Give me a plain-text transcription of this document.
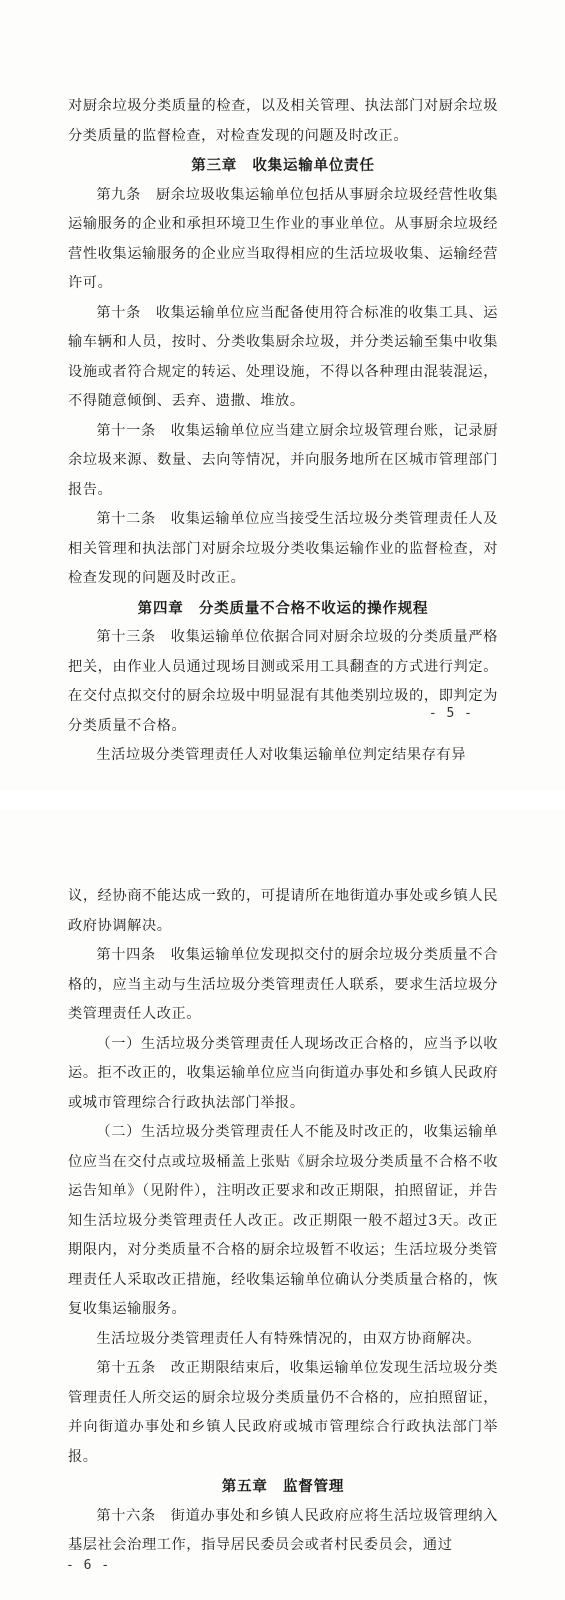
对厨余垃圾分类质量的检查，以及相关管理、执法部门对厨余垃圾分类质量的监督检查，对检查发现的问题及时改正。

第三章　收集运输单位责任

第九条　厨余垃圾收集运输单位包括从事厨余垃圾经营性收集运输服务的企业和承担环境卫生作业的事业单位。从事厨余垃圾经营性收集运输服务的企业应当取得相应的生活垃圾收集、运输经营许可。

第十条　收集运输单位应当配备使用符合标准的收集工具、运输车辆和人员，按时、分类收集厨余垃圾，并分类运输至集中收集设施或者符合规定的转运、处理设施，不得以各种理由混装混运，不得随意倾倒、丢弃、遗撒、堆放。

第十一条　收集运输单位应当建立厨余垃圾管理台账，记录厨余垃圾来源、数量、去向等情况，并向服务地所在区城市管理部门报告。

第十二条　收集运输单位应当接受生活垃圾分类管理责任人及相关管理和执法部门对厨余垃圾分类收集运输作业的监督检查，对检查发现的问题及时改正。

第四章　分类质量不合格不收运的操作规程

第十三条　收集运输单位依据合同对厨余垃圾的分类质量严格把关，由作业人员通过现场目测或采用工具翻查的方式进行判定。在交付点拟交付的厨余垃圾中明显混有其他类别垃圾的，即判定为分类质量不合格。

生活垃圾分类管理责任人对收集运输单位判定结果存有异

- 5 -

议，经协商不能达成一致的，可提请所在地街道办事处或乡镇人民政府协调解决。

第十四条　收集运输单位发现拟交付的厨余垃圾分类质量不合格的，应当主动与生活垃圾分类管理责任人联系，要求生活垃圾分类管理责任人改正。

（一）生活垃圾分类管理责任人现场改正合格的，应当予以收运。拒不改正的，收集运输单位应当向街道办事处和乡镇人民政府或城市管理综合行政执法部门举报。

（二）生活垃圾分类管理责任人不能及时改正的，收集运输单位应当在交付点或垃圾桶盖上张贴《厨余垃圾分类质量不合格不收运告知单》（见附件），注明改正要求和改正期限，拍照留证，并告知生活垃圾分类管理责任人改正。改正期限一般不超过3天。改正期限内，对分类质量不合格的厨余垃圾暂不收运；生活垃圾分类管理责任人采取改正措施，经收集运输单位确认分类质量合格的，恢复收集运输服务。

生活垃圾分类管理责任人有特殊情况的，由双方协商解决。

第十五条　改正期限结束后，收集运输单位发现生活垃圾分类管理责任人所交运的厨余垃圾分类质量仍不合格的，应拍照留证，并向街道办事处和乡镇人民政府或城市管理综合行政执法部门举报。

第五章　监督管理

第十六条　街道办事处和乡镇人民政府应将生活垃圾管理纳入基层社会治理工作，指导居民委员会或者村民委员会，通过

- 6 -
